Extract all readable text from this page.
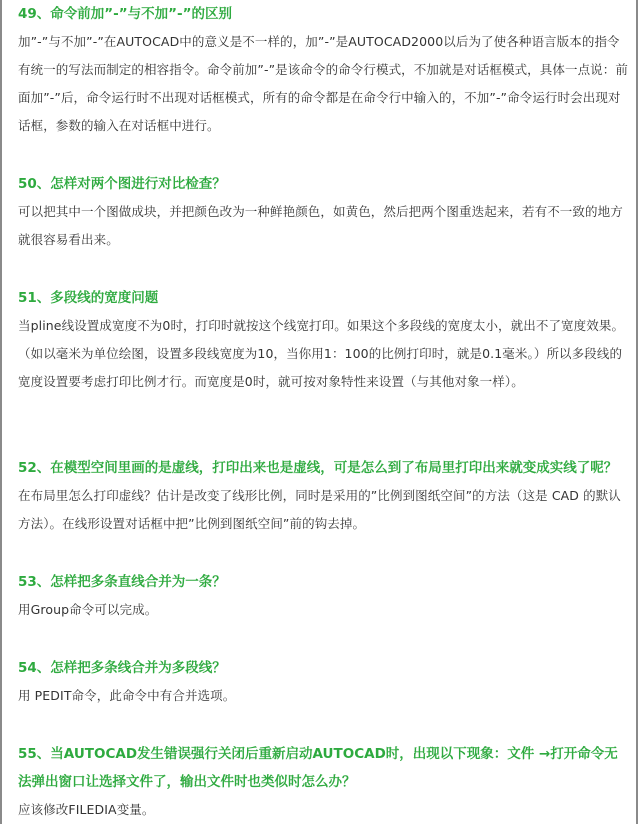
49、命令前加”-”与不加”-”的区别

加”-”与不加”-”在AUTOCAD中的意义是不一样的，加”-”是AUTOCAD2000以后为了使各种语言版本的指令有统一的写法而制定的相容指令。命令前加”-”是该命令的命令行模式，不加就是对话框模式，具体一点说：前面加”-”后，命令运行时不出现对话框模式，所有的命令都是在命令行中输入的，不加”-”命令运行时会出现对话框，参数的输入在对话框中进行。

50、怎样对两个图进行对比检查？

可以把其中一个图做成块，并把颜色改为一种鲜艳颜色，如黄色，然后把两个图重迭起来，若有不一致的地方就很容易看出来。

51、多段线的宽度问题

当pline线设置成宽度不为0时，打印时就按这个线宽打印。如果这个多段线的宽度太小，就出不了宽度效果。（如以毫米为单位绘图，设置多段线宽度为10，当你用1：100的比例打印时，就是0.1毫米。）所以多段线的宽度设置要考虑打印比例才行。而宽度是0时，就可按对象特性来设置（与其他对象一样）。

52、在模型空间里画的是虚线，打印出来也是虚线，可是怎么到了布局里打印出来就变成实线了呢？

在布局里怎么打印虚线？估计是改变了线形比例，同时是采用的”比例到图纸空间”的方法（这是 CAD 的默认方法）。在线形设置对话框中把”比例到图纸空间”前的钩去掉。

53、怎样把多条直线合并为一条？

用Group命令可以完成。

54、怎样把多条线合并为多段线？

用 PEDIT命令，此命令中有合并选项。

55、当AUTOCAD发生错误强行关闭后重新启动AUTOCAD时，出现以下现象：文件 →打开命令无法弹出窗口让选择文件了，输出文件时也类似时怎么办？

应该修改FILEDIA变量。
